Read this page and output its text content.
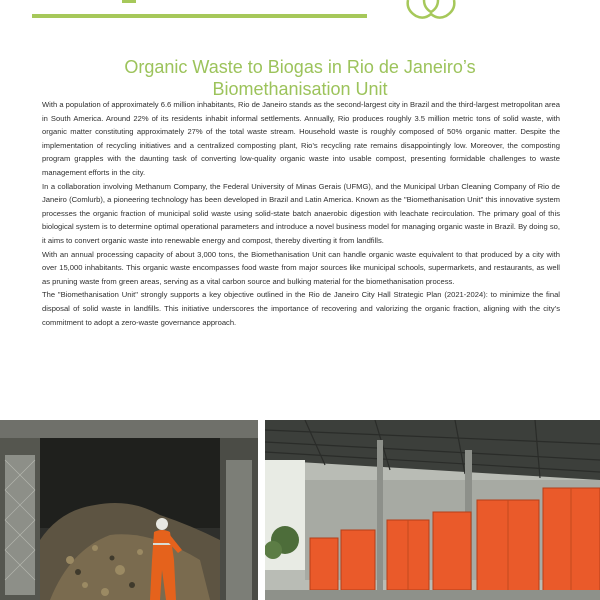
Organic Waste to Biogas in Rio de Janeiro’s
Biomethanisation Unit

With a population of approximately 6.6 million inhabitants, Rio de Janeiro stands as the second-largest city in Brazil and the third-largest metropolitan area in South America. Around 22% of its residents inhabit informal settlements. Annually, Rio produces roughly 3.5 million metric tons of solid waste, with organic matter constituting approximately 27% of the total waste stream. Household waste is roughly composed of 50% organic matter. Despite the implementation of recycling initiatives and a centralized composting plant, Rio’s recycling rate remains disappointingly low. Moreover, the composting program grapples with the daunting task of converting low-quality organic waste into usable compost, presenting formidable challenges to waste management efforts in the city.

In a collaboration involving Methanum Company, the Federal University of Minas Gerais (UFMG), and the Municipal Urban Cleaning Company of Rio de Janeiro (Comlurb), a pioneering technology has been developed in Brazil and Latin America. Known as the "Biomethanisation Unit" this innovative system processes the organic fraction of municipal solid waste using solid-state batch anaerobic digestion with leachate recirculation. The primary goal of this biological system is to determine optimal operational parameters and introduce a novel business model for managing organic waste in Brazil. By doing so, it aims to convert organic waste into renewable energy and compost, thereby diverting it from landfills.

With an annual processing capacity of about 3,000 tons, the Biomethanisation Unit can handle organic waste equivalent to that produced by a city with over 15,000 inhabitants. This organic waste encompasses food waste from major sources like municipal schools, supermarkets, and restaurants, as well as pruning waste from green areas, serving as a vital carbon source and bulking material for the biomethanisation process.

The "Biomethanisation Unit" strongly supports a key objective outlined in the Rio de Janeiro City Hall Strategic Plan (2021-2024): to minimize the final disposal of solid waste in landfills. This initiative underscores the importance of recovering and valorizing the organic fraction, aligning with the city’s commitment to adopt a zero-waste governance approach.
